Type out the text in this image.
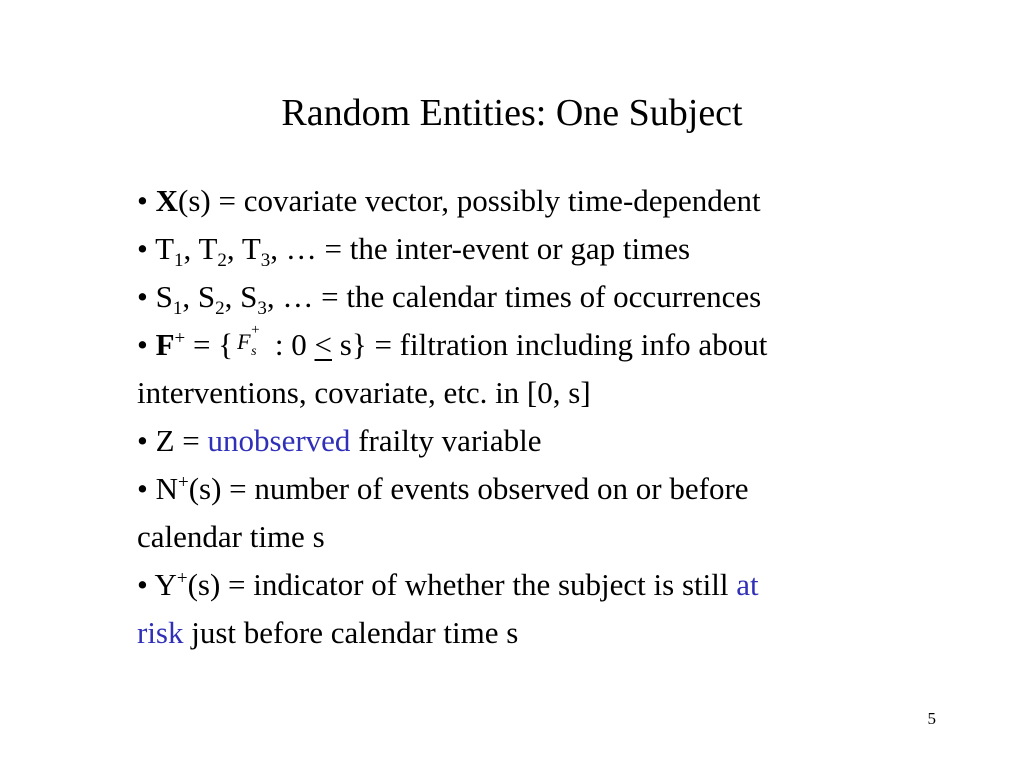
Random Entities: One Subject
• X(s) = covariate vector, possibly time-dependent
• $T_1$, $T_2$, $T_3$, … = the inter-event or gap times
• $S_1$, $S_2$, $S_3$, … = the calendar times of occurrences
• F+ = { F +
s : 0 ≤ s} = filtration including info about
interventions, covariate, etc. in [0, s]
• Z = unobserved frailty variable
• N+(s) = number of events observed on or before
calendar time s
• Y+(s) = indicator of whether the subject is still at
risk just before calendar time s
5
